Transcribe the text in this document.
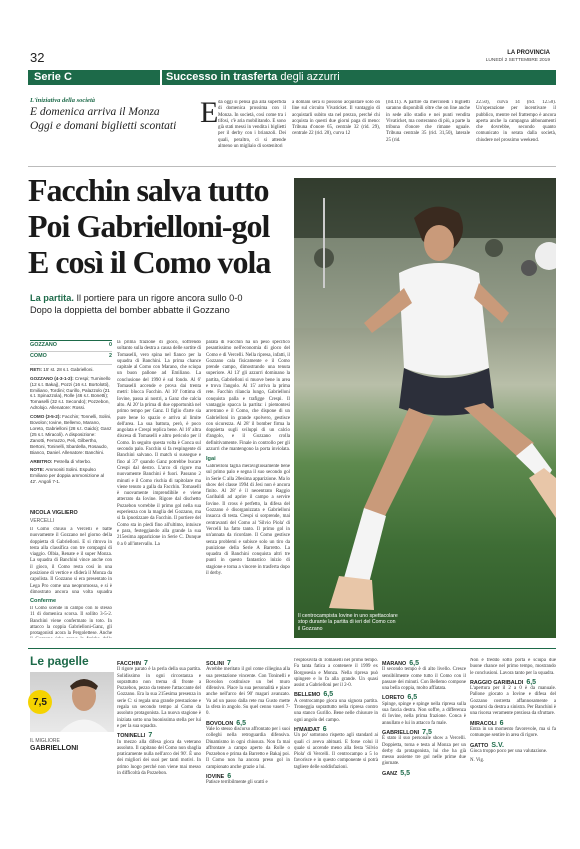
32	LA PROVINCIA
LUNEDÌ 2 SETTEMBRE 2019
Serie C	Successo in trasferta degli azzurri
L'iniziativa della società
E domenica arriva il Monza
Oggi e domani biglietti scontati E da oggi si pensa già alla superfida di domenica prossima con il Monza. In società, così come tra i tifosi, c'è aria mobilitando. E sono già stati messi in vendita i biglietti per il derby con i brianzoli. Dei quali, peraltro, ci si attende almeno un migliaio di sostenitori
a domani sera si possono acquistare solo on line sul circuito Vivaticket. Il vantaggio di acquistarli subito sta nel prezzo, perché chi acquista in questi due giorni paga di meno: Tribuna d'onore 65, centrale 32 (rid. 29), centrale 22 (rid. 20), curva 12
(rid.11). A partire da mercoledì i biglietti saranno disponibili oltre che on line anche in sede allo stadio e nei punti vendita Vivaticket, ma costeranno di più, a parte la tribuna d'onore che rimane uguale. Tribuna centrale 35 (rid. 31,50), laterale 25 (rid.
22.50), curva 14 (rid. 12.50). Un'operazione per incentivare il pubblico, mentre nel frattempo è ancora aperta anche la campagna abbonamenti che dovrebbe, secondo quanto comunicato in serata dalla società, chiudere nel prossimo weekend.
Facchin salva tutto
Poi Gabrielloni-gol
E così il Como vola
La partita. Il portiere para un rigore ancora sullo 0-0
Dopo la doppietta del bomber abbatte il Gozzano
Il centrocampista Iovine in uno spettacolare stop durante la partita di ieri del Como con il Gozzano
GOZZANO	0
COMO	2
RETI: 15' st. 28 s.t. Gabrielloni.
GOZZANO (4-3-1-2): Crespi; Tuminello (12 s.t. Bakaj), Pozzi (16 s.t. Bortolotti), Emiliano, Tordini; Gurillo, Palazzolo (21 s.t. Spinazzola), Rolle (46 s.t. Bonetti); Tomaselli (32 s.t. Secondo); Pozzebon, Adrolojo. Allenatore: Rossi.
COMO (3-5-2): Facchin; Tonnelli, Solini, Bovolon; Iovine, Bellemo, Marano, Loreto, Gabrielloni (28 s.t. Gaido); Ganz (25 s.t. Miracoli). A disposizione: Zanotti, Ferrazzo, Peli, Gilbertho, Bertoni, Toninelli, Sbardella, Rosaudo, Bianco, Daniel. Allenatore: Banchini.
ARBITRO: Petrella di Viterbo.
NOTE: Ammoniti Solini. Espulso Emiliano per doppia ammonizione al 42'. Angoli 7-1.
NICOLA VIGLIERO
VERCELLI
Il Como chiuso a Vercelli e batte nuovamente il Gozzano nel giorno della doppietta di Gabrielloni. E si ritrova in testa alla classifica con tre compagni di viaggio. Olbia, Renate e il super Monza. La squadra di Banchini vince anche con il gioco, il Como resta così in una posizione di vertice e sfiderà il Monza da capolista. Il Gozzano si era presentato in Lega Pro come una neopromossa, e si è dimostrato ancora una volta squadra
Conferme
Il Como scende in campo con lo stesso 11 di domenica scorsa. Il sollito 3-5-2. Banchini viene confermato in toto. In attacco la coppia Gabrielloni-Ganz, gli protagonisti acora la Pergolettese. Anche
la prima frazione di gioco, soffrendo soltanto sulla destra a causa delle sortite di Tomaselli, vero spina nel fianco per la squadra di Banchini. La prima chance capitale al Como con Marano, che sciupa un buon pallone ad Emiliano. La conclusione del 1990 è sul fondo. Al 6' Tomaselli accende e prova dai trenta metri: blocca Facchin. Al 10' l'ottima di Iovine, passa ai nostri, a Ganz che calcia alto. Al 20' la prima di due opportunità nel primo tempo per Ganz. Il figlio d'arte sia pure bene lo spazio e arriva al limite dell'area. La sua battuta, però, è poco angolata e Crespi replica bene. Al 16' altra discesa di Tomaselli e altro pericolo per il Como. In seguito questa volta è Conca sul secondo palo. Facchin si fa respingente di Banchini salvano. Il match si sussegue e fino al 37' quando Ganz potrebbe bucare Crespi dal destro. L'arco di rigore ma nuovamente Banchini è fuori. Passano 2 minuti e il Como rischia di rapitolare ma viene tenuto a galla da Facchin. Tomaselli è nuovamente imprendibile e viene atterrato da Iovine. Rigore dal dischetto Pozzebon vorrebbe il primo gol nella sua esperienza con la maglia del Gozzano, ma si fa ipnotizzare da Facchin. Il portiere del Como sta in piedi fino all'ultimo, intuisce e para, festeggiando alla grande la sua 215esima apparizione in Serie C. Dunque 0 a 0 all'intervallo. La
parata di Facchin ha un peso specifico pesantissimo nell'economia di gioco del Como e di Vercelli. Nella ripresa, infatti, il Gozzano cala fisicamente e il Como prende campo, dimostrando una tenuta superiore. Al 13' gli azzurri dominano la partita, Gabrielloni si muove bene in area e trova l'angolo. Al 15' arriva la prima rete. Facchin rilancia lungo, Gabrielloni conquista palla e trafigge Crespi. Il vantaggio spacca la partita: i piemontesi arretrano e il Como, che dispone di un Gabrielloni in grande spolvero, gestisce con sicurezza. Al 28' il bomber firma la doppietta sugli sviluppi di un calcio d'angolo, e il Gozzano crolla definitivamente. Finale in controllo per gli azzurri che mantengono la porta inviolata.
Igai
Gabrielloni taglia meravigliosamente bene sul primo palo e segna il suo secondo gol in Serie C alla 20esima apparizione. Ma lo show del classe 1994 di Jesi non è ancora finito. Al 28' è il neoentrato Raggio Garibaldi ad aprire il campo a servire Iovine. Il cross è perfetto, la difesa del Gozzano è disorganizzata e Gabrielloni insacca di testa. Crespi si sorprende, mai centravanti del Como al 'Silvio Piola' di Vercelli ha fatto tanto. Il primo gol in un'annata da ricordare. Il Como gestisce senza problemi e subisce solo un tiro da punizione della Serie A Barretto. La squadra di Banchini conquista altri tre punti in questo fantastico inizio di stagione e torna a vincere in trasferta dopo il derby.
Le pagelle
7,5
IL MIGLIORE
GABRIELLONI
FACCHIN 7
Il rigore parato è la perla della sua partita. Solidissimo in ogni circostanza e soprattutto non trema di fronte a Pozzebon, pezzo da temere l'attaccante del Gozzano. Era la sua 215esima presenza in serie C: si regala una grande prestazione e regala un secondo tempo al Como da assoluto protagonista. La nuova stagione è iniziata sotto una buonissima stella per lui e per la sua squadra.
TONINELLI 7
In mezzo alla difesa gioca da veterano assoluto. Il capitano del Como non sbaglia praticamente nulla nell'arco dei 90'. È uno dei migliori dei suoi per tanti motivi. In primo luogo perché non viene mai messo in difficoltà da Pozzebon.
SOLINI 7
Avrebbe meritato il gol come ciliegina alla sua prestazione vincente. Con Toninelli e Bovolon costituisce un bel muro difensivo. Piace la sua personalità e piace anche nell'arco dei 90' magari avanzato. Va ad un passo dalla rete ma Gusto mette la sfera in angolo. Su quel cenno vaseri 7-0.
BOVOLON 6,5
Vale lo stesso discorso affrontato per i suoi colleghi nella retroguardia difensiva. Dinamismo in ogni chiusura. Non fa mai affrontare a campo aperto da Rolle o Pozzebon e prima da Barretto e Bakaj poi. Il Como non ha ancora preso gol in campionato anche grazie a lui.
IOVINE 6
Patisce terribilmente gli scatti e
l'esplosività di Tomaselli nel primo tempo. Fa tanta fatica a contenere il 1999 ex Borgosesia e Monza. Nella ripresa può spingere e lo fa alla grande. Un quasi assist a Gabrielloni per il 2-0.
BELLEMO 6,5
A centrocampo gioca una signora partita. Troneggia soprattutto nella ripresa contro una stanco Gurillo. Bene nelle chiusure in ogni angolo del campo.
H'MAIDAT 6
Un po' sottotono rispetto agli standard ai quali ci aveva abituati. E forse colui il quale si accende meno alla festa 'Silvio Piola' di Vercelli. Il centrocampo a 5 lo favorisce e in questo componente si potrà tagliere delle soddisfazioni.
MARANO 6,5
Il secondo tempo è di alto livello. Cresce sensibilmente come tutto il Como con il passare dei minuti. Con Bellemo compone una bella coppia, molto affiatata.
LORETO 6,5
Spinge, spinge e spinge nella ripresa sulla sua fascia destra. Non soffre, a differenza di Iovine, nella prima frazione. Conca è annullato e lui in attacco fa male.
GABRIELLONI 7,5
È stato il suo personale show a Vercelli. Doppietta, torna e testa al Monza per un derby da protagonista, lui che ha già messo assieme tre gol nelle prime due giornate.
GANZ 5,5
Non è freddo sotto porta e sciupa due buone chance nel primo tempo, mostrando le conclusioni. Lavora tanto per la squadra.
RAGGIO GARIBALDI 6,5
L'apertura per il 2 a 0 è da manuale. Pallone giocato a Iovine e difesa del Gozzano costretta affannosamente a spostarsi da destra a sinistra. Per Banchini è una risorsa veramente preziosa da sfruttare.
MIRACOLI 6
Entra in un momento favorevole, ma si fa comunque sentire in area di rigore.
GATTO S.V.
Gioca troppo poco per una valutazione.
N. Vig.
